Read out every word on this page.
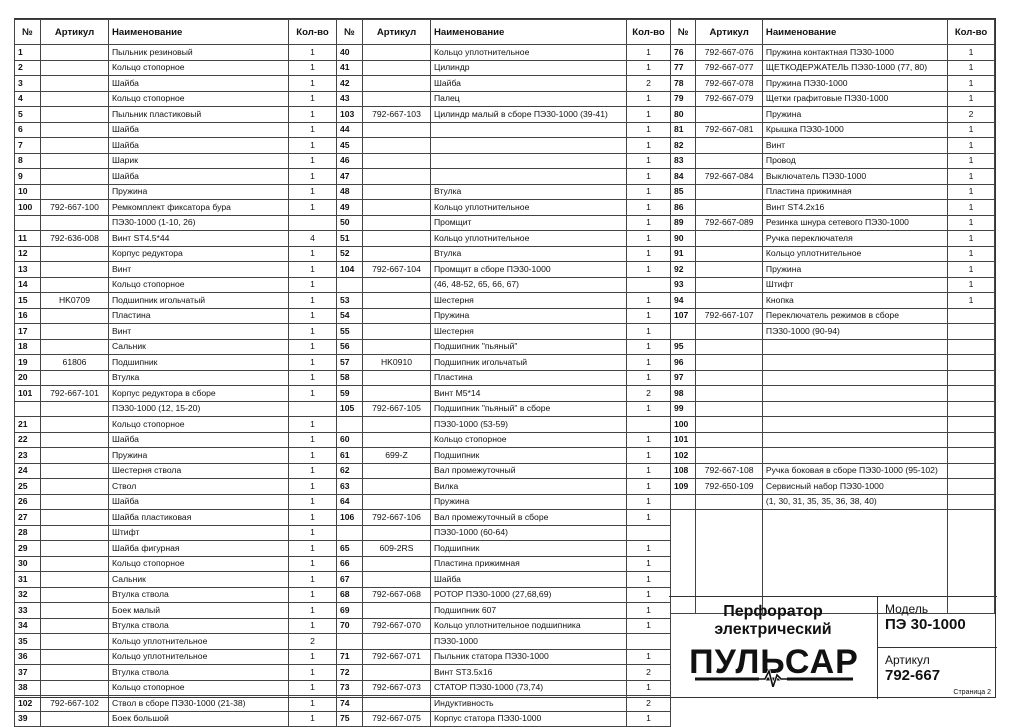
№	Артикул	Наименование	Кол-во
1		Пыльник резиновый	1
2		Кольцо стопорное	1
3		Шайба	1
4		Кольцо стопорное	1
5		Пыльник пластиковый	1
6		Шайба	1
7		Шайба	1
8		Шарик	1
9		Шайба	1
10		Пружина	1
100	792-667-100	Ремкомплект фиксатора бура	1
		ПЭ30-1000 (1-10, 26)	
11	792-636-008	Винт ST4.5*44	4
12		Корпус редуктора	1
13		Винт	1
14		Кольцо стопорное	1
15	HK0709	Подшипник игольчатый	1
16		Пластина	1
17		Винт	1
18		Сальник	1
19	61806	Подшипник	1
20		Втулка	1
101	792-667-101	Корпус редуктора в сборе	1
		ПЭ30-1000 (12, 15-20)	
21		Кольцо стопорное	1
22		Шайба	1
23		Пружина	1
24		Шестерня ствола	1
25		Ствол	1
26		Шайба	1
27		Шайба пластиковая	1
28		Штифт	1
29		Шайба фигурная	1
30		Кольцо стопорное	1
31		Сальник	1
32		Втулка ствола	1
33		Боек малый	1
34		Втулка ствола	1
35		Кольцо уплотнительное	2
36		Кольцо уплотнительное	1
37		Втулка ствола	1
38		Кольцо стопорное	1
102	792-667-102	Ствол в сборе ПЭ30-1000 (21-38)	1
39		Боек большой	1
№	Артикул	Наименование	Кол-во
40		Кольцо уплотнительное	1
41		Цилиндр	1
42		Шайба	2
43		Палец	1
103	792-667-103	Цилиндр малый в сборе ПЭ30-1000 (39-41)	1
44			1
45			1
46			1
47			1
48		Втулка	1
49		Кольцо уплотнительное	1
50		Промщит	1
51		Кольцо уплотнительное	1
52		Втулка	1
104	792-667-104	Промщит в сборе ПЭ30-1000	1
		(46, 48-52, 65, 66, 67)	
53		Шестерня	1
54		Пружина	1
55		Шестерня	1
56		Подшипник "пьяный"	1
57	HK0910	Подшипник игольчатый	1
58		Пластина	1
59		Винт M5*14	2
105	792-667-105	Подшипник "пьяный" в сборе	1
		ПЭ30-1000 (53-59)	
60		Кольцо стопорное	1
61	699-Z	Подшипник	1
62		Вал промежуточный	1
63		Вилка	1
64		Пружина	1
106	792-667-106	Вал промежуточный в сборе	1
		ПЭ30-1000 (60-64)	
65	609-2RS	Подшипник	1
66		Пластина прижимная	1
67		Шайба	1
68	792-667-068	РОТОР ПЭ30-1000 (27,68,69)	1
69		Подшипник 607	1
70	792-667-070	Кольцо уплотнительное подшипника	1
		ПЭ30-1000	
71	792-667-071	Пыльник статора ПЭ30-1000	1
72		Винт ST3.5x16	2
73	792-667-073	СТАТОР ПЭ30-1000 (73,74)	1
74		Индуктивность	2
75	792-667-075	Корпус статора ПЭ30-1000	1
№	Артикул	Наименование	Кол-во
76	792-667-076	Пружина контактная ПЭ30-1000	1
77	792-667-077	ЩЕТКОДЕРЖАТЕЛЬ ПЭ30-1000 (77, 80)	1
78	792-667-078	Пружина ПЭ30-1000	1
79	792-667-079	Щетки графитовые ПЭ30-1000	1
80		Пружина	2
81	792-667-081	Крышка ПЭ30-1000	1
82		Винт	1
83		Провод	1
84	792-667-084	Выключатель ПЭ30-1000	1
85		Пластина прижимная	1
86		Винт ST4.2x16	1
89	792-667-089	Резинка шнура сетевого ПЭ30-1000	1
90		Ручка переключателя	1
91		Кольцо уплотнительное	1
92		Пружина	1
93		Штифт	1
94		Кнопка	1
107	792-667-107	Переключатель режимов в сборе	
		ПЭ30-1000 (90-94)	
95			
96			
97			
98			
99			
100			
101			
102			
108	792-667-108	Ручка боковая в сборе ПЭ30-1000 (95-102)	
109	792-650-109	Сервисный набор ПЭ30-1000	
		(1, 30, 31, 35, 35, 36, 38, 40)	

Перфоратор
электрический
ПУЛЬСАР
Модель
ПЭ 30-1000
Артикул
792-667
Страница 2
